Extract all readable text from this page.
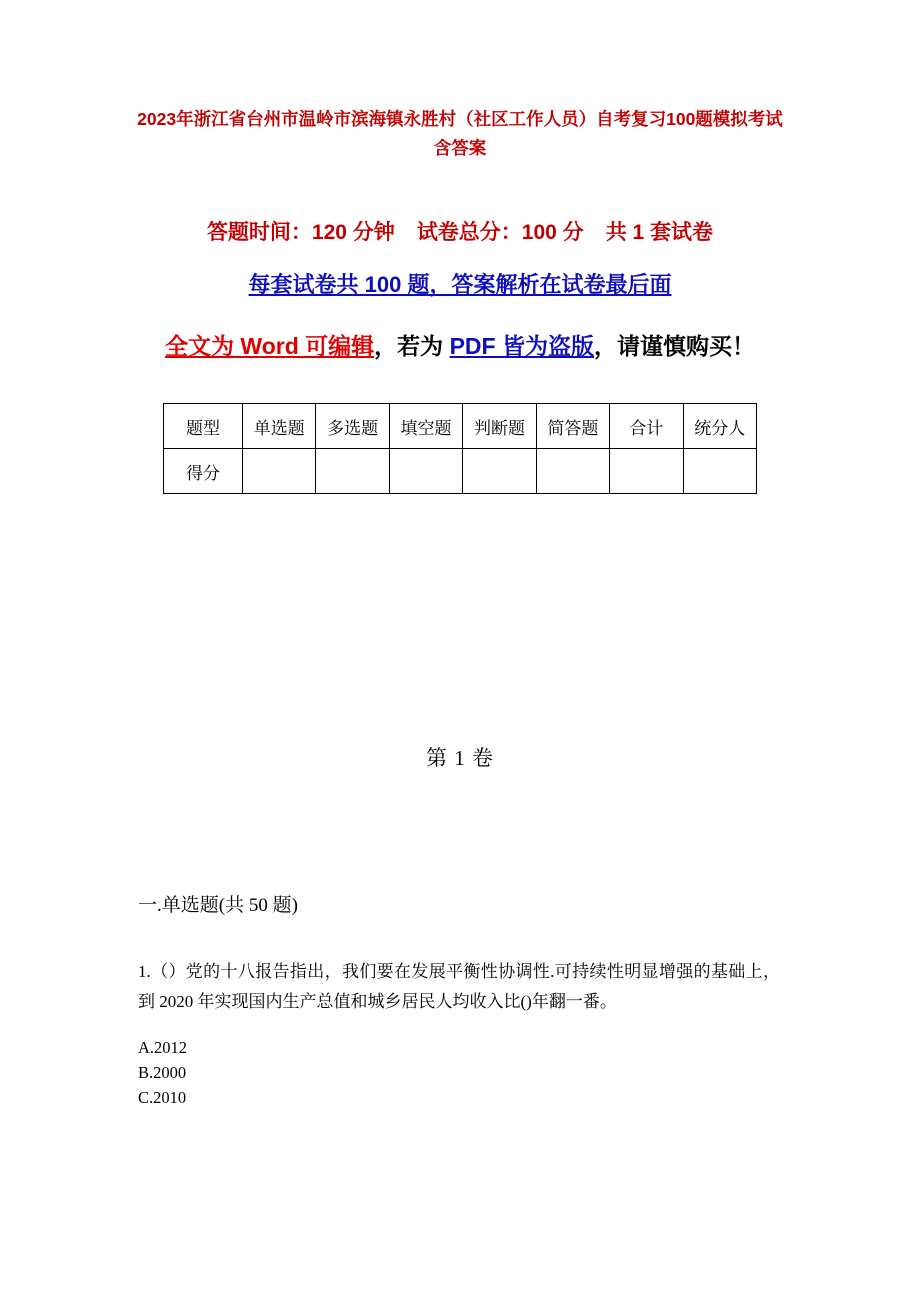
2023年浙江省台州市温岭市滨海镇永胜村（社区工作人员）自考复习100题模拟考试含答案
答题时间：120 分钟 试卷总分：100 分 共 1 套试卷
每套试卷共 100 题，答案解析在试卷最后面
全文为 Word 可编辑，若为 PDF 皆为盗版，请谨慎购买！
题型	单选题	多选题	填空题	判断题	简答题	合计	统分人
得分							
第 1 卷
一.单选题(共 50 题)
1.（）党的十八报告指出，我们要在发展平衡性协调性.可持续性明显增强的基础上，到 2020 年实现国内生产总值和城乡居民人均收入比()年翻一番。
A.2012
B.2000
C.2010
